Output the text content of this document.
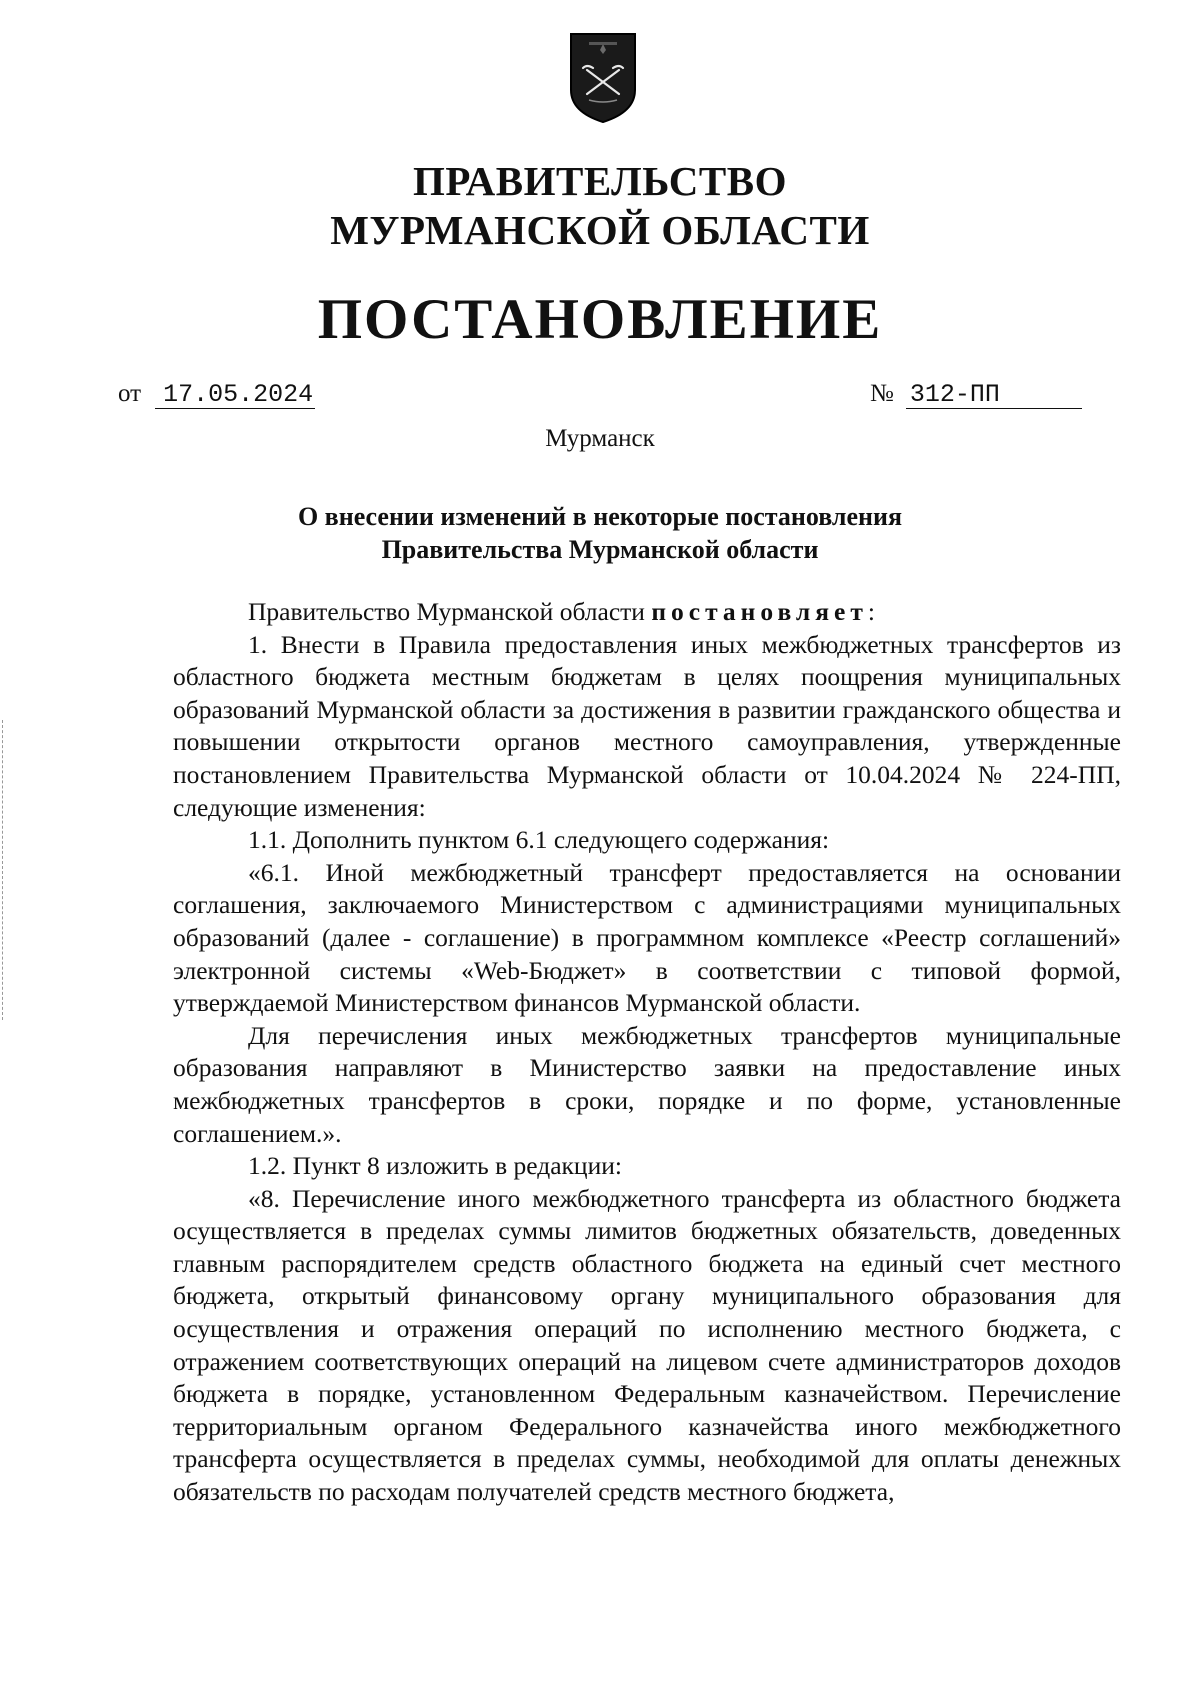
ПРАВИТЕЛЬСТВО
МУРМАНСКОЙ ОБЛАСТИ
ПОСТАНОВЛЕНИЕ
от 17.05.2024	№ 312-ПП
Мурманск
О внесении изменений в некоторые постановления
Правительства Мурманской области

Правительство Мурманской области постановляет:

1. Внести в Правила предоставления иных межбюджетных трансфертов из областного бюджета местным бюджетам в целях поощрения муниципальных образований Мурманской области за достижения в развитии гражданского общества и повышении открытости органов местного самоуправления, утвержденные постановлением Правительства Мурманской области от 10.04.2024 № 224-ПП, следующие изменения:

1.1. Дополнить пунктом 6.1 следующего содержания:

«6.1. Иной межбюджетный трансферт предоставляется на основании соглашения, заключаемого Министерством с администрациями муниципальных образований (далее - соглашение) в программном комплексе «Реестр соглашений» электронной системы «Web-Бюджет» в соответствии с типовой формой, утверждаемой Министерством финансов Мурманской области.

Для перечисления иных межбюджетных трансфертов муниципальные образования направляют в Министерство заявки на предоставление иных межбюджетных трансфертов в сроки, порядке и по форме, установленные соглашением.».

1.2. Пункт 8 изложить в редакции:

«8. Перечисление иного межбюджетного трансферта из областного бюджета осуществляется в пределах суммы лимитов бюджетных обязательств, доведенных главным распорядителем средств областного бюджета на единый счет местного бюджета, открытый финансовому органу муниципального образования для осуществления и отражения операций по исполнению местного бюджета, с отражением соответствующих операций на лицевом счете администраторов доходов бюджета в порядке, установленном Федеральным казначейством. Перечисление территориальным органом Федерального казначейства иного межбюджетного трансферта осуществляется в пределах суммы, необходимой для оплаты денежных обязательств по расходам получателей средств местного бюджета,
